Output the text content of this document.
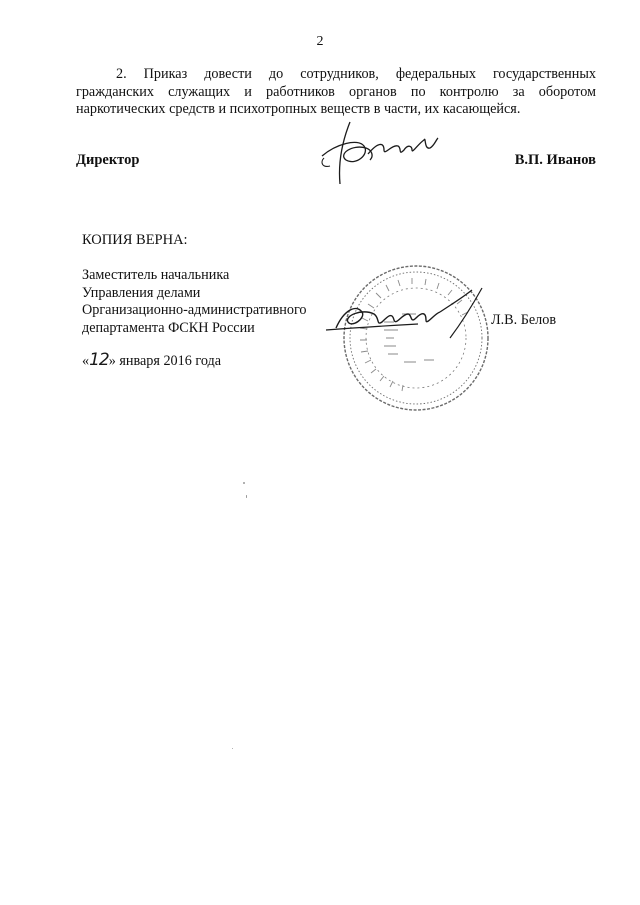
2

2. Приказ довести до сотрудников, федеральных государственных гражданских служащих и работников органов по контролю за оборотом наркотических средств и психотропных веществ в части, их касающейся.

Директор	В.П. Иванов
КОПИЯ ВЕРНА:
Заместитель начальника
Управления делами
Организационно-административного
департамента ФСКН России	Л.В. Белов
«12» января 2016 года
